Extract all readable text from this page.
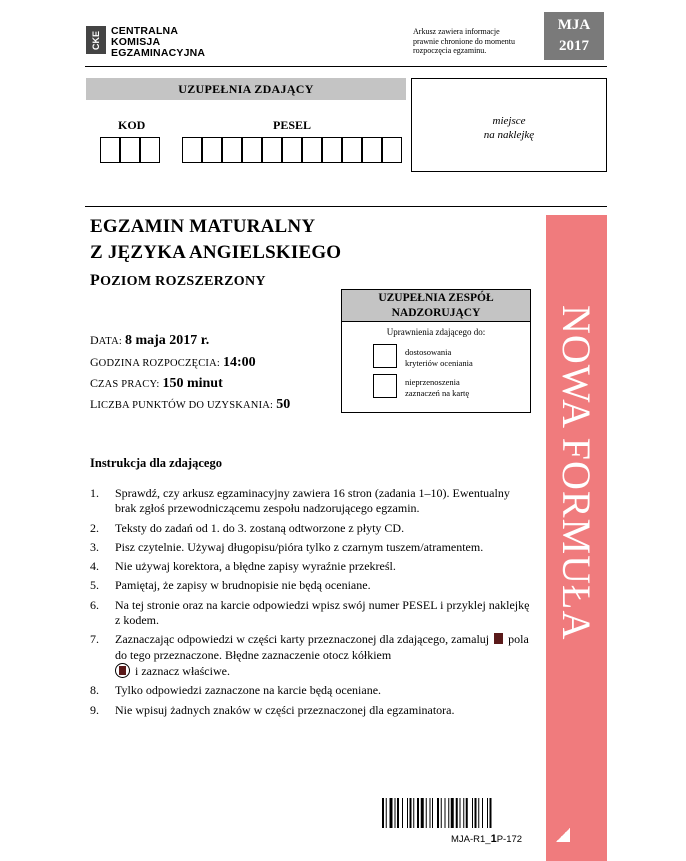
CKE CENTRALNA
KOMISJA
EGZAMINACYJNA
Arkusz zawiera informacje prawnie chronione do momentu rozpoczęcia egzaminu.
MJA
2017
UZUPEŁNIA ZDAJĄCY
KOD	PESEL	miejsce
na naklejkę
EGZAMIN MATURALNY
Z JĘZYKA ANGIELSKIEGO
POZIOM ROZSZERZONY
UZUPEŁNIA ZESPÓŁ
NADZORUJĄCY
Uprawnienia zdającego do:
dostosowania
kryteriów oceniania
nieprzenoszenia
zaznaczeń na kartę
DATA: 8 maja 2017 r.
GODZINA ROZPOCZĘCIA: 14:00
CZAS PRACY: 150 minut
LICZBA PUNKTÓW DO UZYSKANIA: 50
Instrukcja dla zdającego
1. Sprawdź, czy arkusz egzaminacyjny zawiera 16 stron (zadania 1–10). Ewentualny brak zgłoś przewodniczącemu zespołu nadzorującego egzamin.
2. Teksty do zadań od 1. do 3. zostaną odtworzone z płyty CD.
3. Pisz czytelnie. Używaj długopisu/pióra tylko z czarnym tuszem/atramentem.
4. Nie używaj korektora, a błędne zapisy wyraźnie przekreśl.
5. Pamiętaj, że zapisy w brudnopisie nie będą oceniane.
6. Na tej stronie oraz na karcie odpowiedzi wpisz swój numer PESEL i przyklej naklejkę z kodem.
7. Zaznaczając odpowiedzi w części karty przeznaczonej dla zdającego, zamaluj pola do tego przeznaczone. Błędne zaznaczenie otocz kółkiem
i zaznacz właściwe.
8. Tylko odpowiedzi zaznaczone na karcie będą oceniane.
9. Nie wpisuj żadnych znaków w części przeznaczonej dla egzaminatora.
NOWA FORMUŁA
MJA-R1_1P-172
